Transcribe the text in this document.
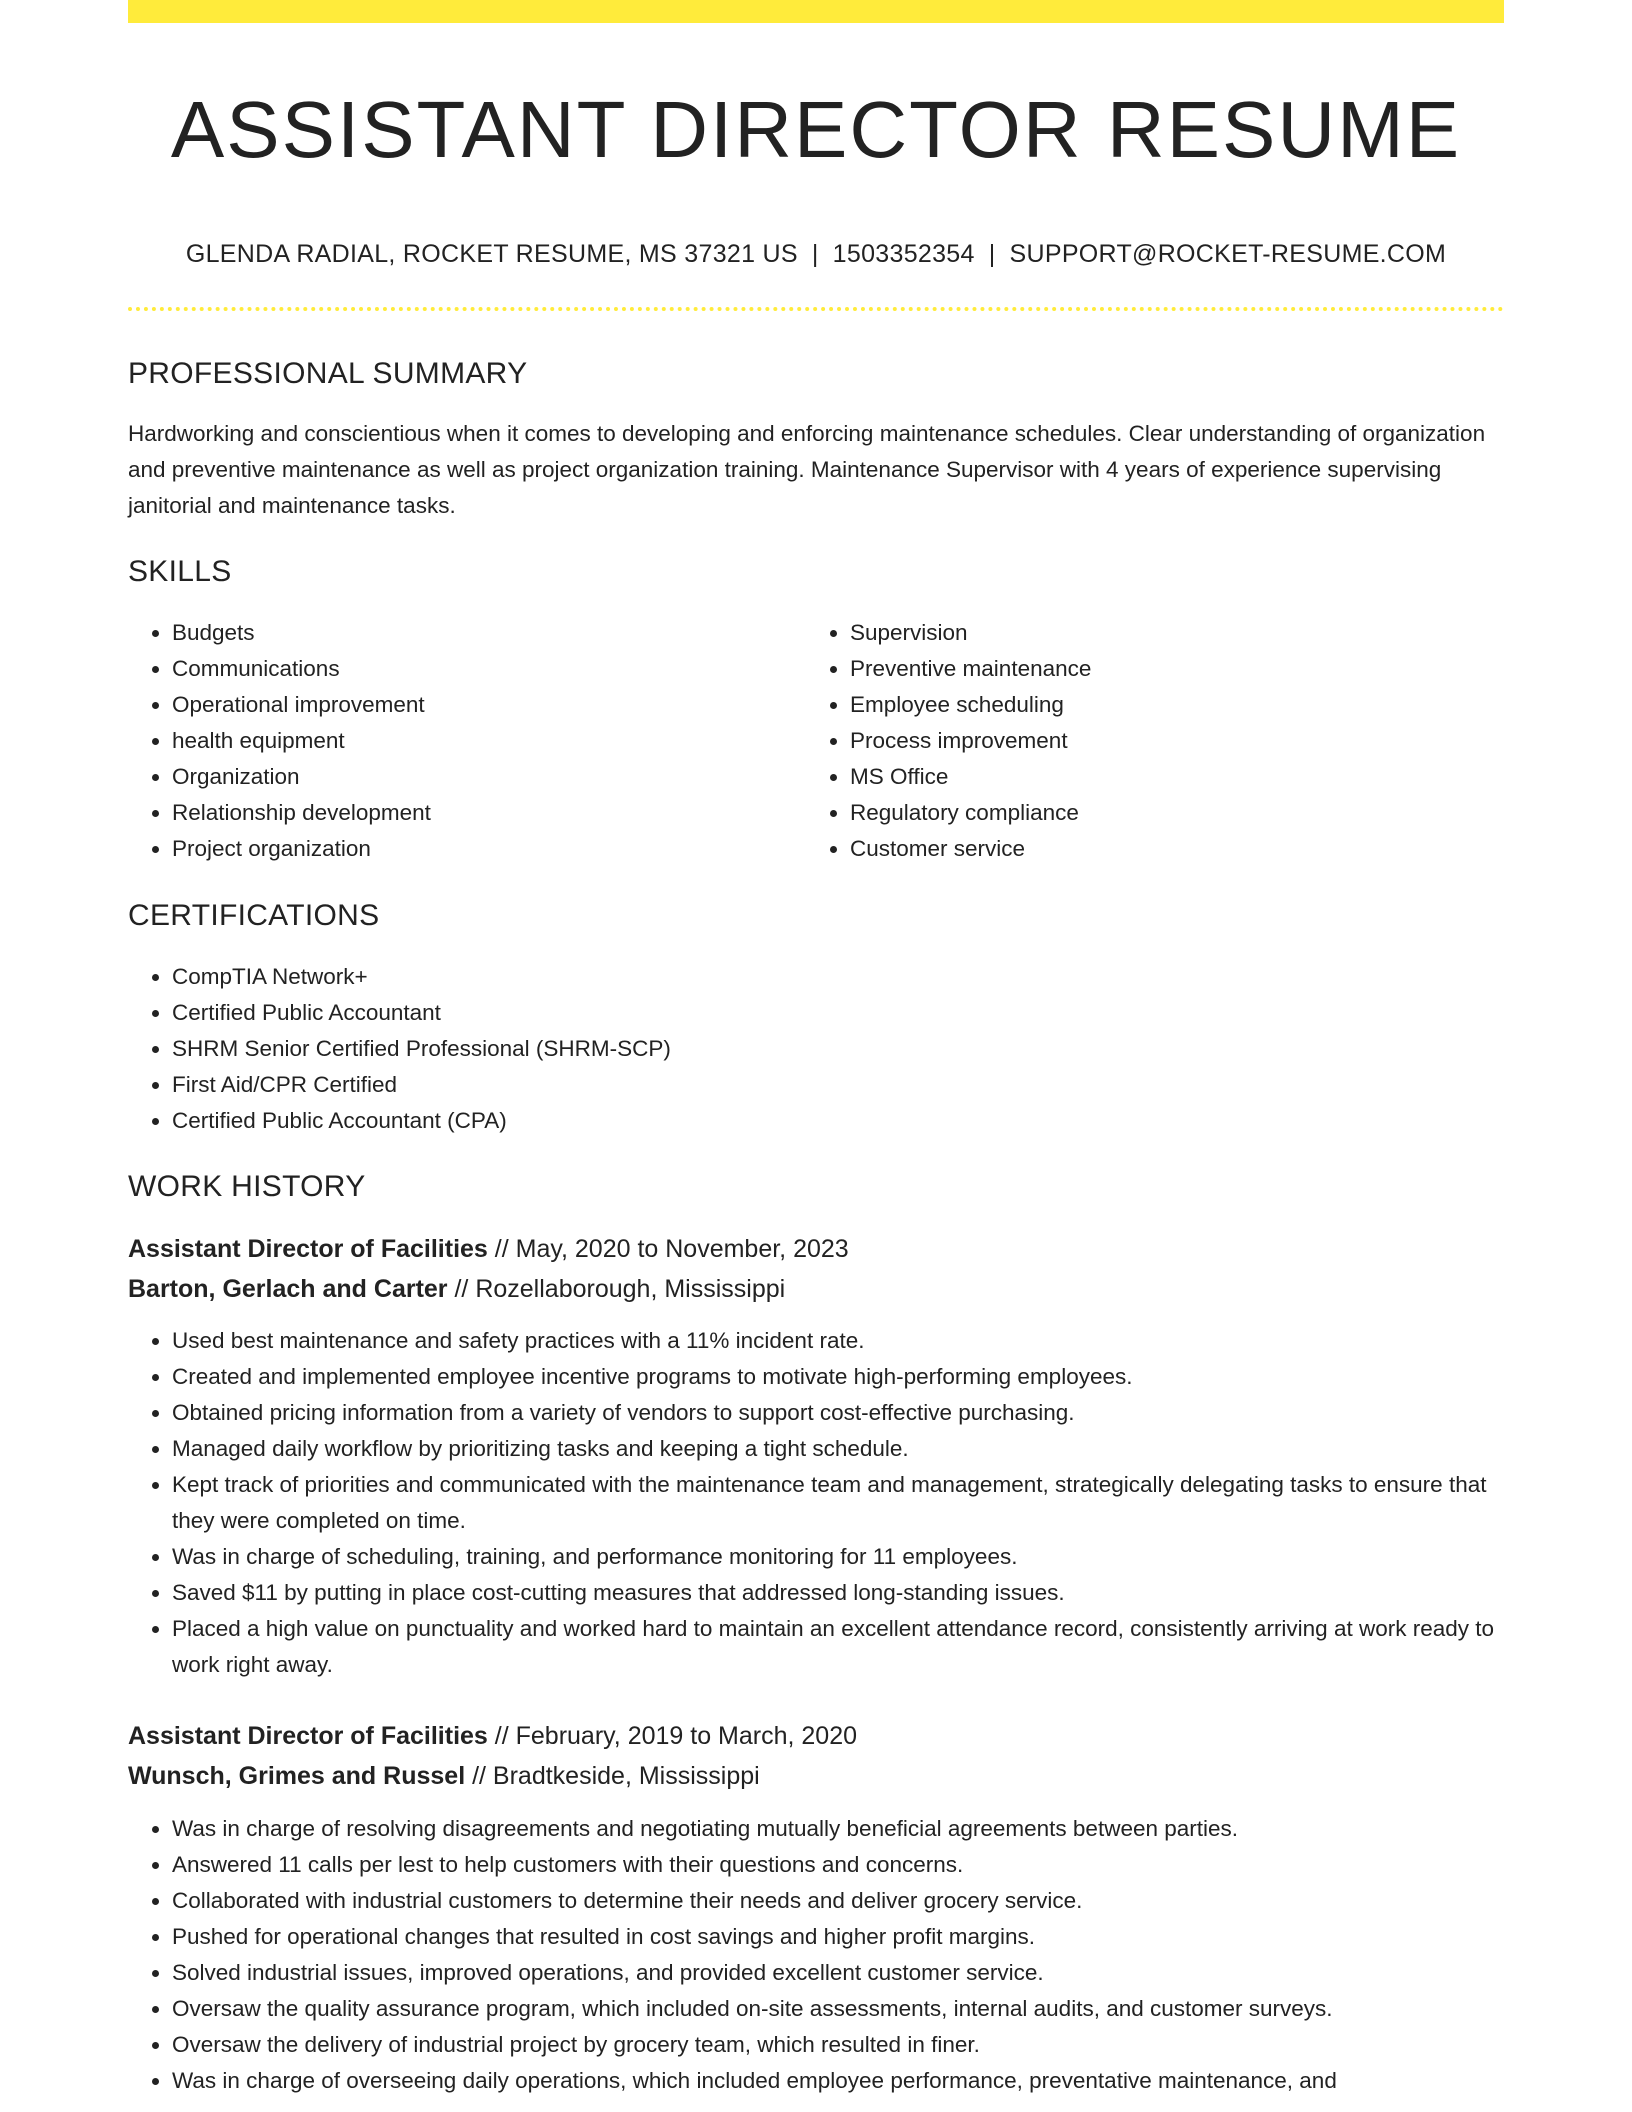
ASSISTANT DIRECTOR RESUME
GLENDA RADIAL, ROCKET RESUME, MS 37321 US | 1503352354 | SUPPORT@ROCKET-RESUME.COM
PROFESSIONAL SUMMARY

Hardworking and conscientious when it comes to developing and enforcing maintenance schedules. Clear understanding of organization and preventive maintenance as well as project organization training. Maintenance Supervisor with 4 years of experience supervising janitorial and maintenance tasks.

SKILLS
• Budgets
• Communications
• Operational improvement
• health equipment
• Organization
• Relationship development
• Project organization
• Supervision
• Preventive maintenance
• Employee scheduling
• Process improvement
• MS Office
• Regulatory compliance
• Customer service
CERTIFICATIONS
• CompTIA Network+
• Certified Public Accountant
• SHRM Senior Certified Professional (SHRM-SCP)
• First Aid/CPR Certified
• Certified Public Accountant (CPA)
WORK HISTORY
Assistant Director of Facilities // May, 2020 to November, 2023
Barton, Gerlach and Carter // Rozellaborough, Mississippi
• Used best maintenance and safety practices with a 11% incident rate.
• Created and implemented employee incentive programs to motivate high-performing employees.
• Obtained pricing information from a variety of vendors to support cost-effective purchasing.
• Managed daily workflow by prioritizing tasks and keeping a tight schedule.
• Kept track of priorities and communicated with the maintenance team and management, strategically delegating tasks to ensure that they were completed on time.
• Was in charge of scheduling, training, and performance monitoring for 11 employees.
• Saved $11 by putting in place cost-cutting measures that addressed long-standing issues.
• Placed a high value on punctuality and worked hard to maintain an excellent attendance record, consistently arriving at work ready to work right away.
Assistant Director of Facilities // February, 2019 to March, 2020
Wunsch, Grimes and Russel // Bradtkeside, Mississippi
• Was in charge of resolving disagreements and negotiating mutually beneficial agreements between parties.
• Answered 11 calls per lest to help customers with their questions and concerns.
• Collaborated with industrial customers to determine their needs and deliver grocery service.
• Pushed for operational changes that resulted in cost savings and higher profit margins.
• Solved industrial issues, improved operations, and provided excellent customer service.
• Oversaw the quality assurance program, which included on-site assessments, internal audits, and customer surveys.
• Oversaw the delivery of industrial project by grocery team, which resulted in finer.
• Was in charge of overseeing daily operations, which included employee performance, preventative maintenance, and
